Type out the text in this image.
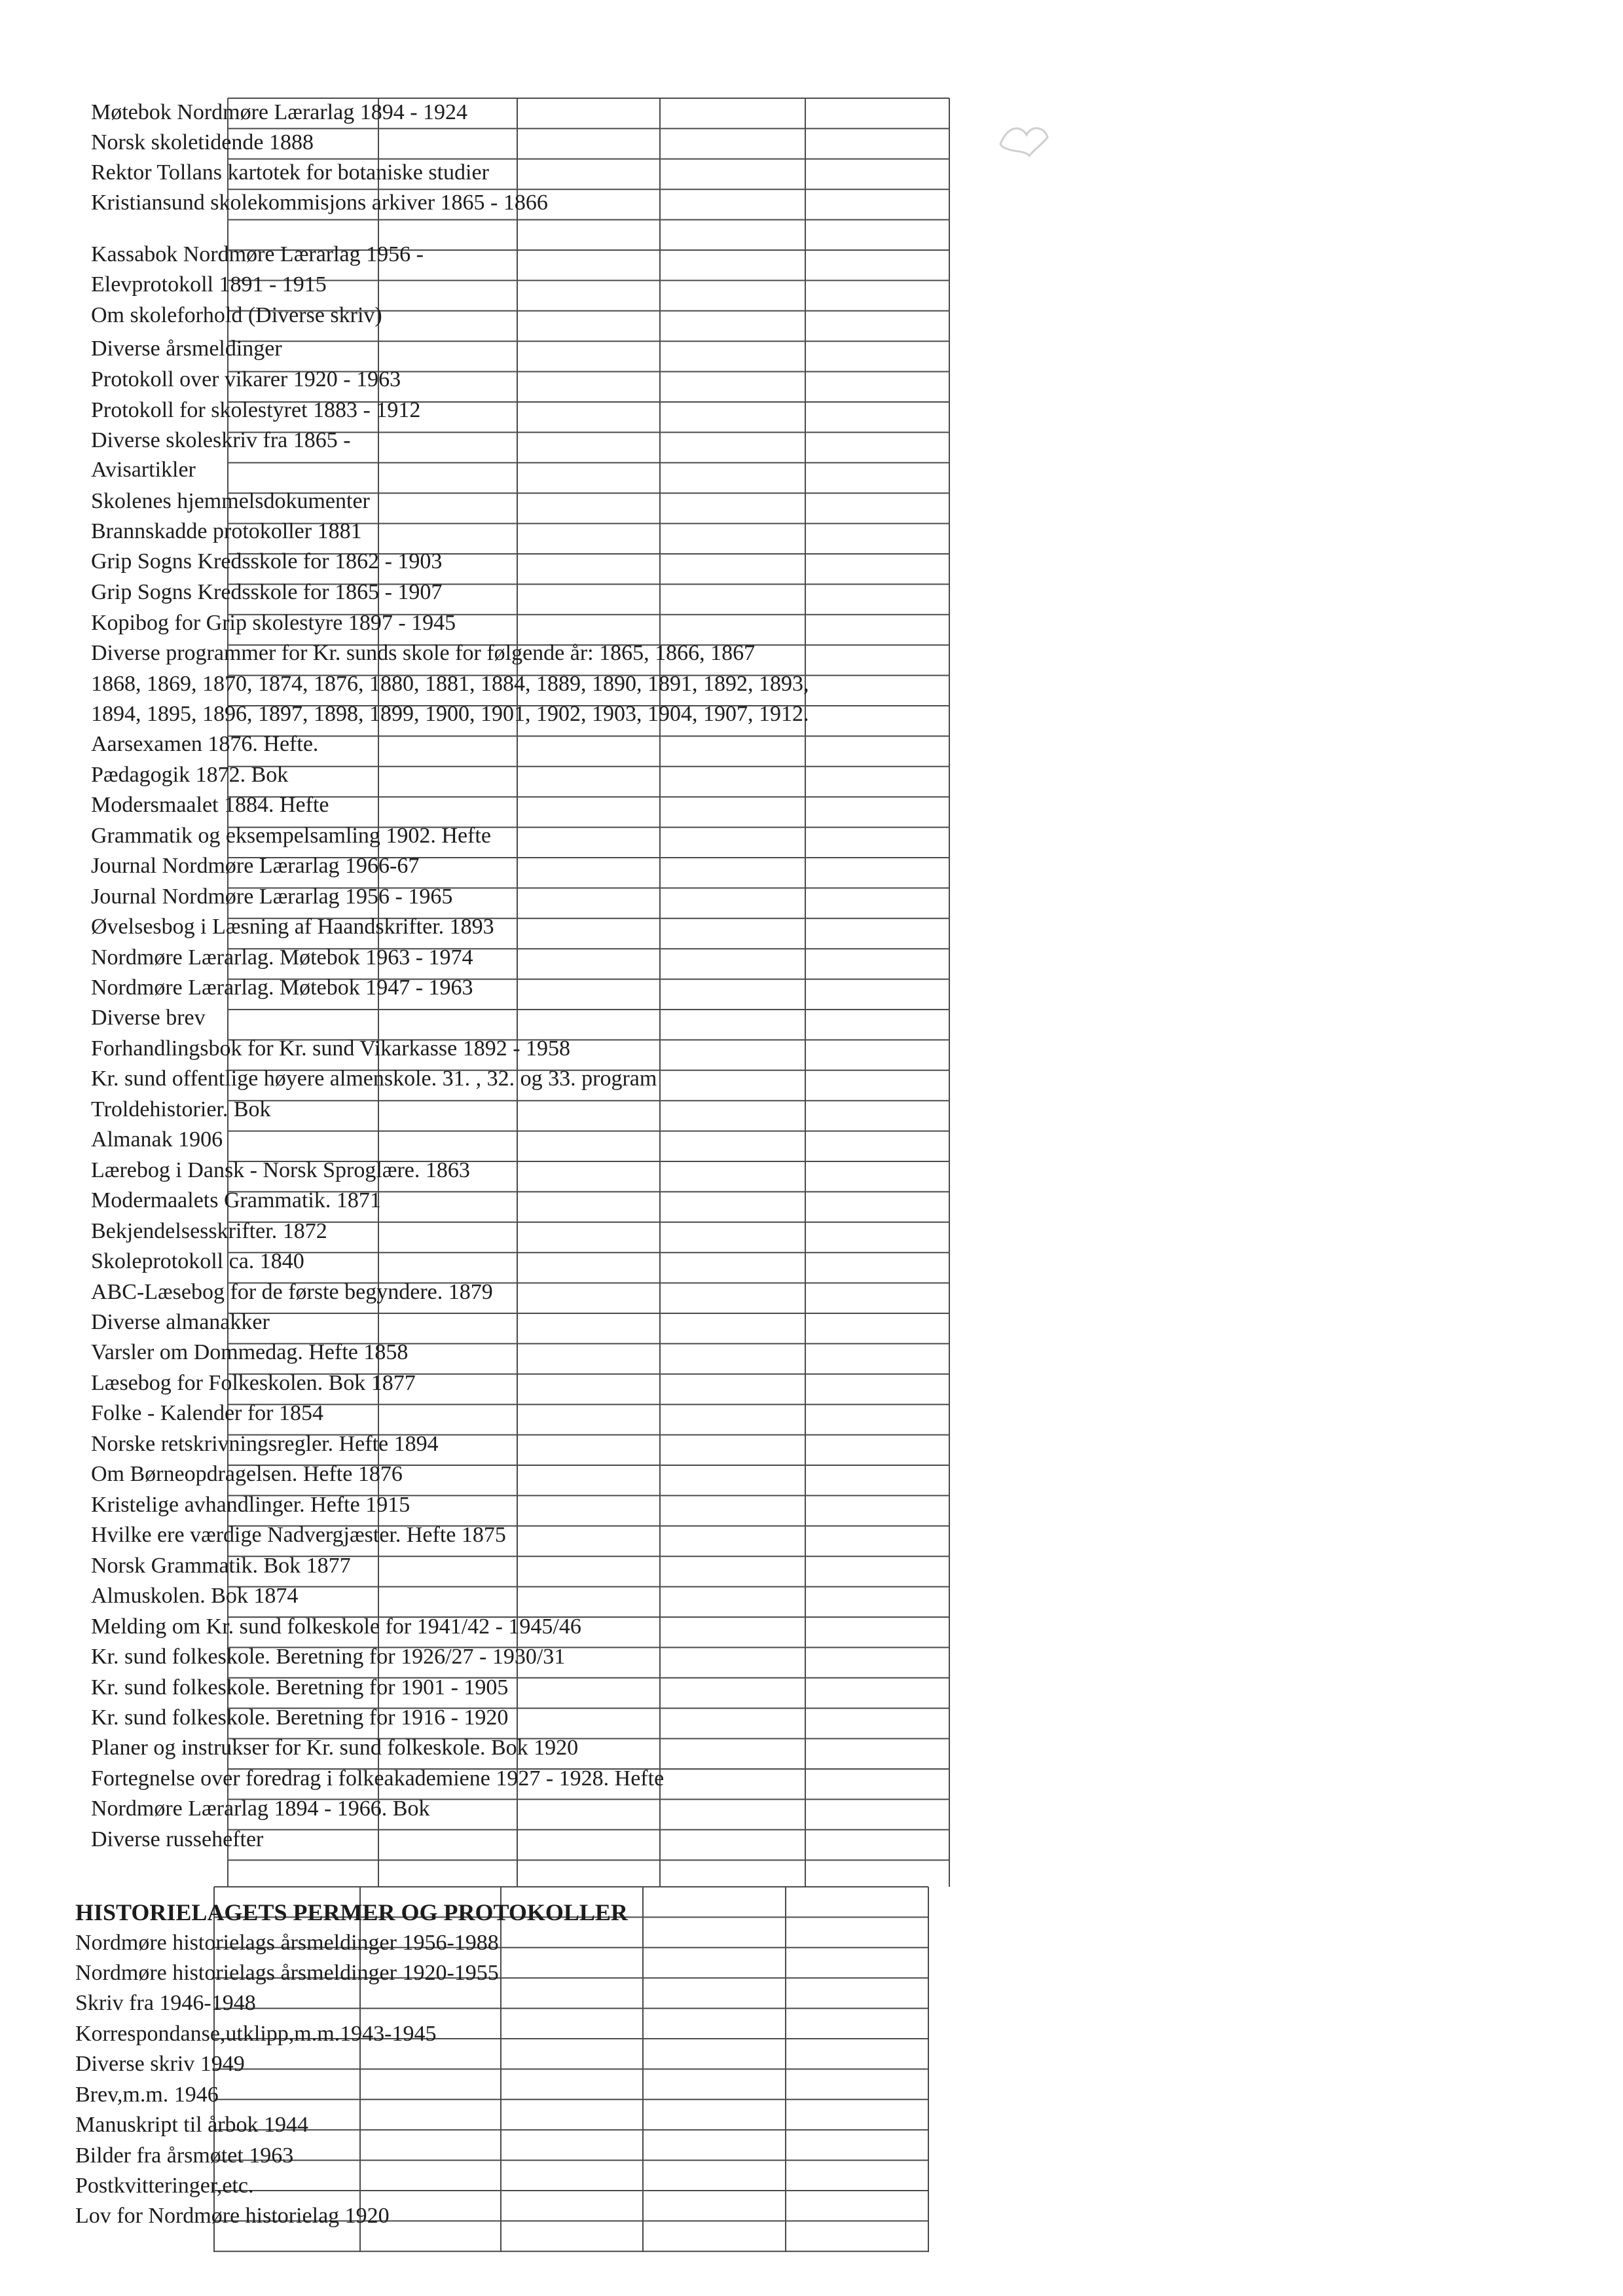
Møtebok Nordmøre Lærarlag 1894 - 1924
Norsk skoletidende 1888
Rektor Tollans kartotek for botaniske studier
Kristiansund skolekommisjons arkiver 1865 - 1866
Kassabok Nordmøre Lærarlag 1956 -
Elevprotokoll 1891 - 1915
Om skoleforhold (Diverse skriv)
Diverse årsmeldinger
Protokoll over vikarer 1920 - 1963
Protokoll for skolestyret 1883 - 1912
Diverse skoleskriv fra 1865 -
Avisartikler
Skolenes hjemmelsdokumenter
Brannskadde protokoller 1881
Grip Sogns Kredsskole for 1862 - 1903
Grip Sogns Kredsskole for 1865 - 1907
Kopibog for Grip skolestyre 1897 - 1945
Diverse programmer for Kr. sunds skole for følgende år: 1865, 1866, 1867
1868, 1869, 1870, 1874, 1876, 1880, 1881, 1884, 1889, 1890, 1891, 1892, 1893,
1894, 1895, 1896, 1897, 1898, 1899, 1900, 1901, 1902, 1903, 1904, 1907, 1912.
Aarsexamen 1876. Hefte.
Pædagogik 1872. Bok
Modersmaalet 1884. Hefte
Grammatik og eksempelsamling 1902. Hefte
Journal Nordmøre Lærarlag 1966-67
Journal Nordmøre Lærarlag 1956 - 1965
Øvelsesbog i Læsning af Haandskrifter. 1893
Nordmøre Lærarlag. Møtebok 1963 - 1974
Nordmøre Lærarlag. Møtebok 1947 - 1963
Diverse brev
Forhandlingsbok for Kr. sund Vikarkasse 1892 - 1958
Kr. sund offentlige høyere almenskole. 31. , 32. og 33. program
Troldehistorier. Bok
Almanak 1906
Lærebog i Dansk - Norsk Sproglære. 1863
Modermaalets Grammatik. 1871
Bekjendelsesskrifter. 1872
Skoleprotokoll ca. 1840
ABC-Læsebog for de første begyndere. 1879
Diverse almanakker
Varsler om Dommedag. Hefte 1858
Læsebog for Folkeskolen. Bok 1877
Folke - Kalender for 1854
Norske retskrivningsregler. Hefte 1894
Om Børneopdragelsen. Hefte 1876
Kristelige avhandlinger. Hefte 1915
Hvilke ere værdige Nadvergjæster. Hefte 1875
Norsk Grammatik. Bok 1877
Almuskolen. Bok 1874
Melding om Kr. sund folkeskole for 1941/42 - 1945/46
Kr. sund folkeskole. Beretning for 1926/27 - 1930/31
Kr. sund folkeskole. Beretning for 1901 - 1905
Kr. sund folkeskole. Beretning for 1916 - 1920
Planer og instrukser for Kr. sund folkeskole. Bok 1920
Fortegnelse over foredrag i folkeakademiene 1927 - 1928. Hefte
Nordmøre Lærarlag 1894 - 1966. Bok
Diverse russehefter
HISTORIELAGETS PERMER OG PROTOKOLLER
Nordmøre historielags årsmeldinger 1956-1988
Nordmøre historielags årsmeldinger 1920-1955
Skriv fra 1946-1948
Korrespondanse,utklipp,m.m.1943-1945
Diverse skriv 1949
Brev,m.m. 1946
Manuskript til årbok 1944
Bilder fra årsmøtet 1963
Postkvitteringer,etc.
Lov for Nordmøre historielag 1920
